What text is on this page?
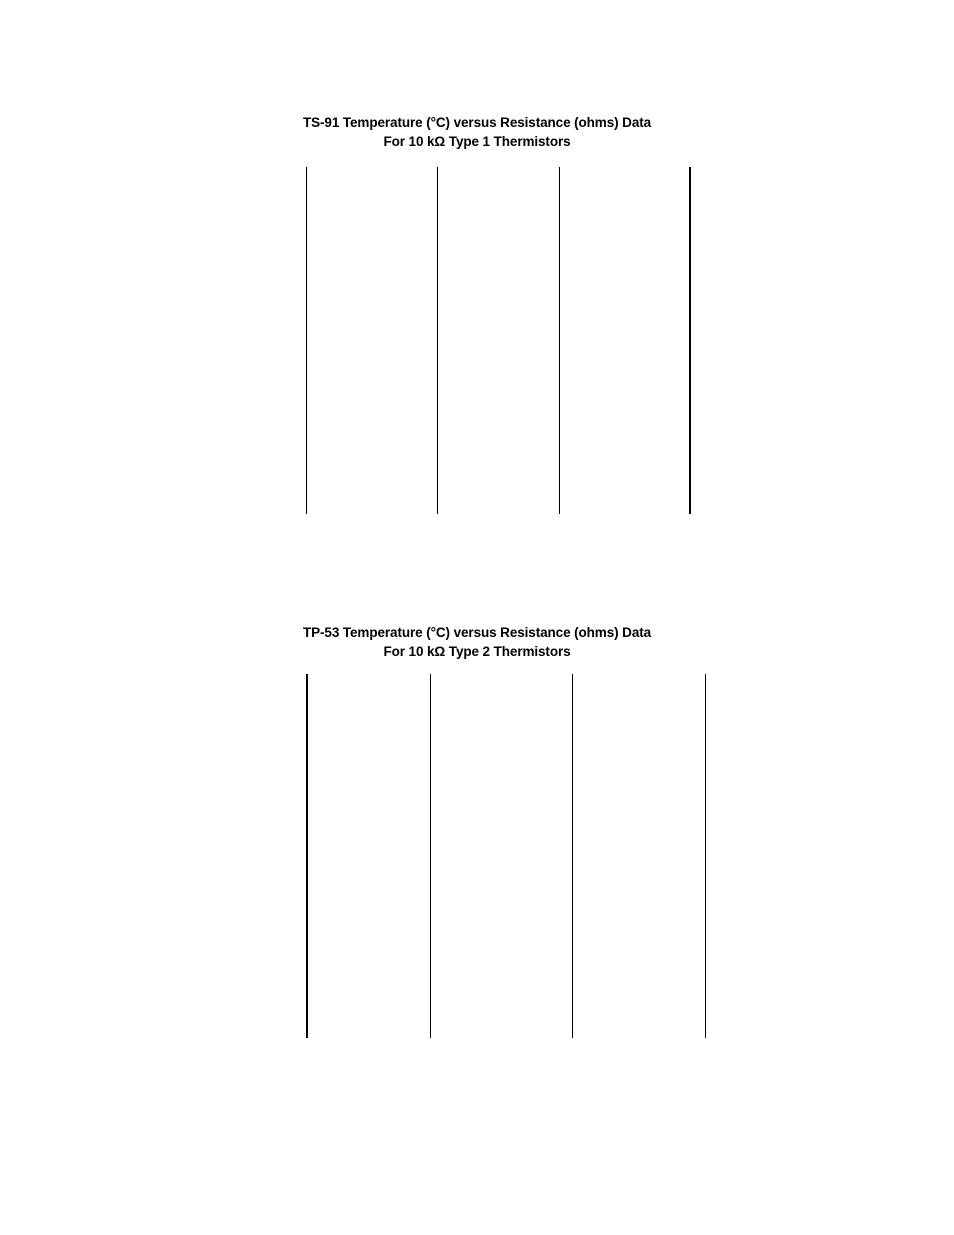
TS-91 Temperature (°C) versus Resistance (ohms) Data
For 10 kΩ Type 1 Thermistors
TP-53 Temperature (°C) versus Resistance (ohms) Data
For 10 kΩ Type 2 Thermistors
